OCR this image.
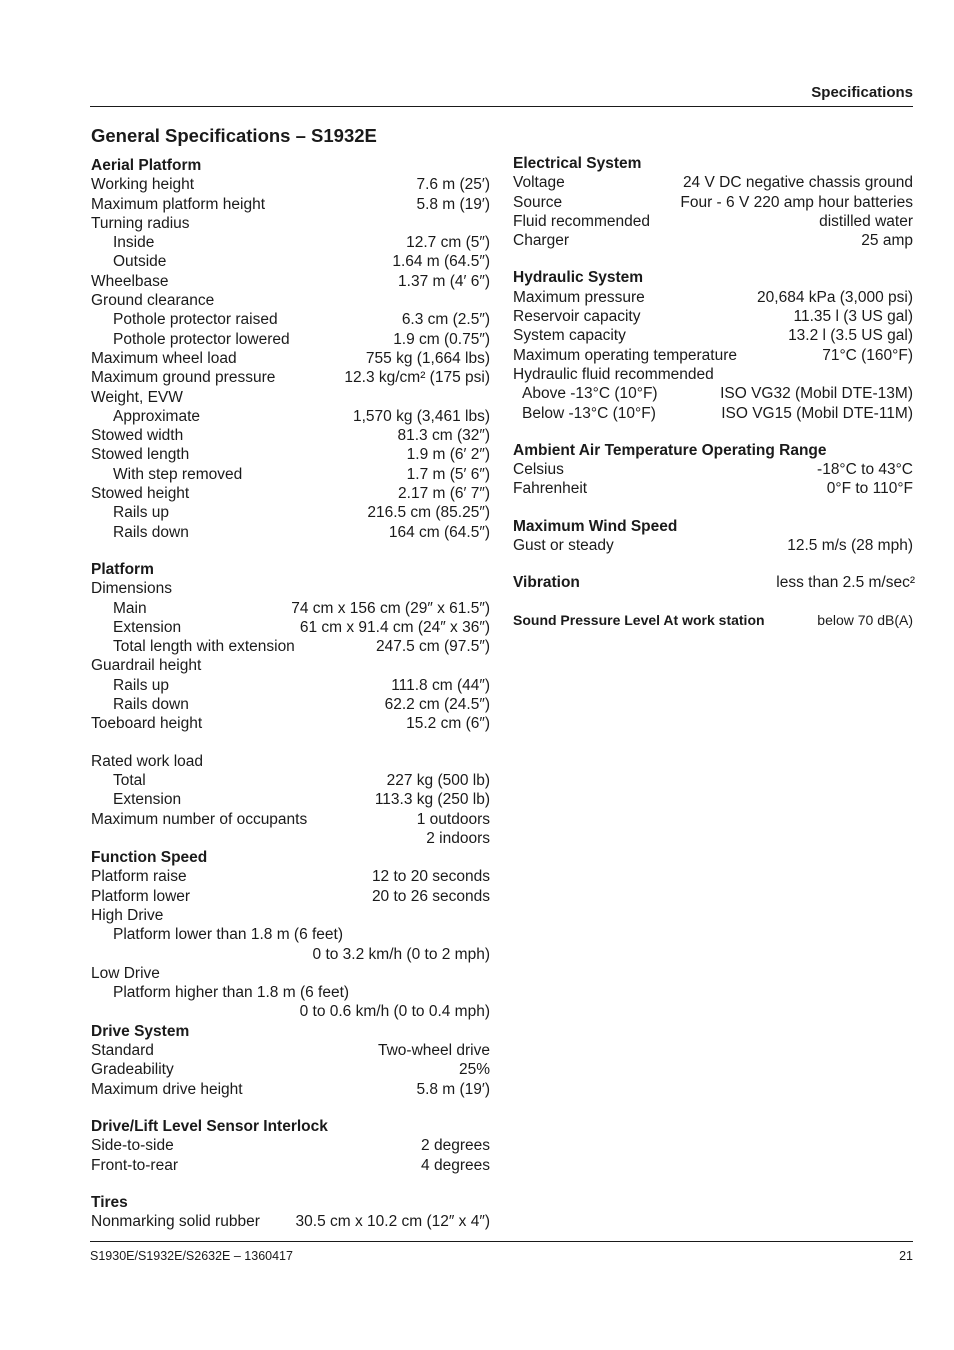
Specifications
General Specifications – S1932E
Aerial Platform
Working height	7.6 m (25′)
Maximum platform height	5.8 m (19′)
Turning radius
Inside	12.7 cm (5″)
Outside	1.64 m (64.5″)
Wheelbase	1.37 m (4′ 6″)
Ground clearance
Pothole protector raised	6.3 cm (2.5″)
Pothole protector lowered	1.9 cm (0.75″)
Maximum wheel load	755 kg (1,664 lbs)
Maximum ground pressure	12.3 kg/cm² (175 psi)
Weight, EVW
Approximate	1,570 kg (3,461 lbs)
Stowed width	81.3 cm (32″)
Stowed length	1.9 m (6′ 2″)
With step removed	1.7 m (5′ 6″)
Stowed height	2.17 m (6′ 7″)
Rails up	216.5 cm (85.25″)
Rails down	164 cm (64.5″)
Platform
Dimensions
Main	74 cm x 156 cm (29″ x 61.5″)
Extension	61 cm x 91.4 cm (24″ x 36″)
Total length with extension	247.5 cm (97.5″)
Guardrail height
Rails up	111.8 cm (44″)
Rails down	62.2 cm (24.5″)
Toeboard height	15.2 cm (6″)
Rated work load
Total	227 kg (500 lb)
Extension	113.3 kg (250 lb)
Maximum number of occupants	1 outdoors
2 indoors
Function Speed
Platform raise	12 to 20 seconds
Platform lower	20 to 26 seconds
High Drive
Platform lower than 1.8 m (6 feet)
0 to 3.2 km/h (0 to 2 mph)
Low Drive
Platform higher than 1.8 m (6 feet)
0 to 0.6 km/h (0 to 0.4 mph)
Drive System
Standard	Two-wheel drive
Gradeability	25%
Maximum drive height	5.8 m (19′)
Drive/Lift Level Sensor Interlock
Side-to-side	2 degrees
Front-to-rear	4 degrees
Tires
Nonmarking solid rubber 30.5 cm x 10.2 cm (12″ x 4″)
Electrical System
Voltage	24 V DC negative chassis ground
Source	Four - 6 V 220 amp hour batteries
Fluid recommended	distilled water
Charger	25 amp
Hydraulic System
Maximum pressure	20,684 kPa (3,000 psi)
Reservoir capacity	11.35 l (3 US gal)
System capacity	13.2 l (3.5 US gal)
Maximum operating temperature	71°C (160°F)
Hydraulic fluid recommended
Above -13°C (10°F)	ISO VG32 (Mobil DTE-13M)
Below -13°C (10°F)	ISO VG15 (Mobil DTE-11M)
Ambient Air Temperature Operating Range
Celsius	-18°C to 43°C
Fahrenheit	0°F to 110°F
Maximum Wind Speed
Gust or steady	12.5 m/s (28 mph)
Vibration	less than 2.5 m/sec²
Sound Pressure Level At work station	below 70 dB(A)
S1930E/S1932E/S2632E – 1360417	21
